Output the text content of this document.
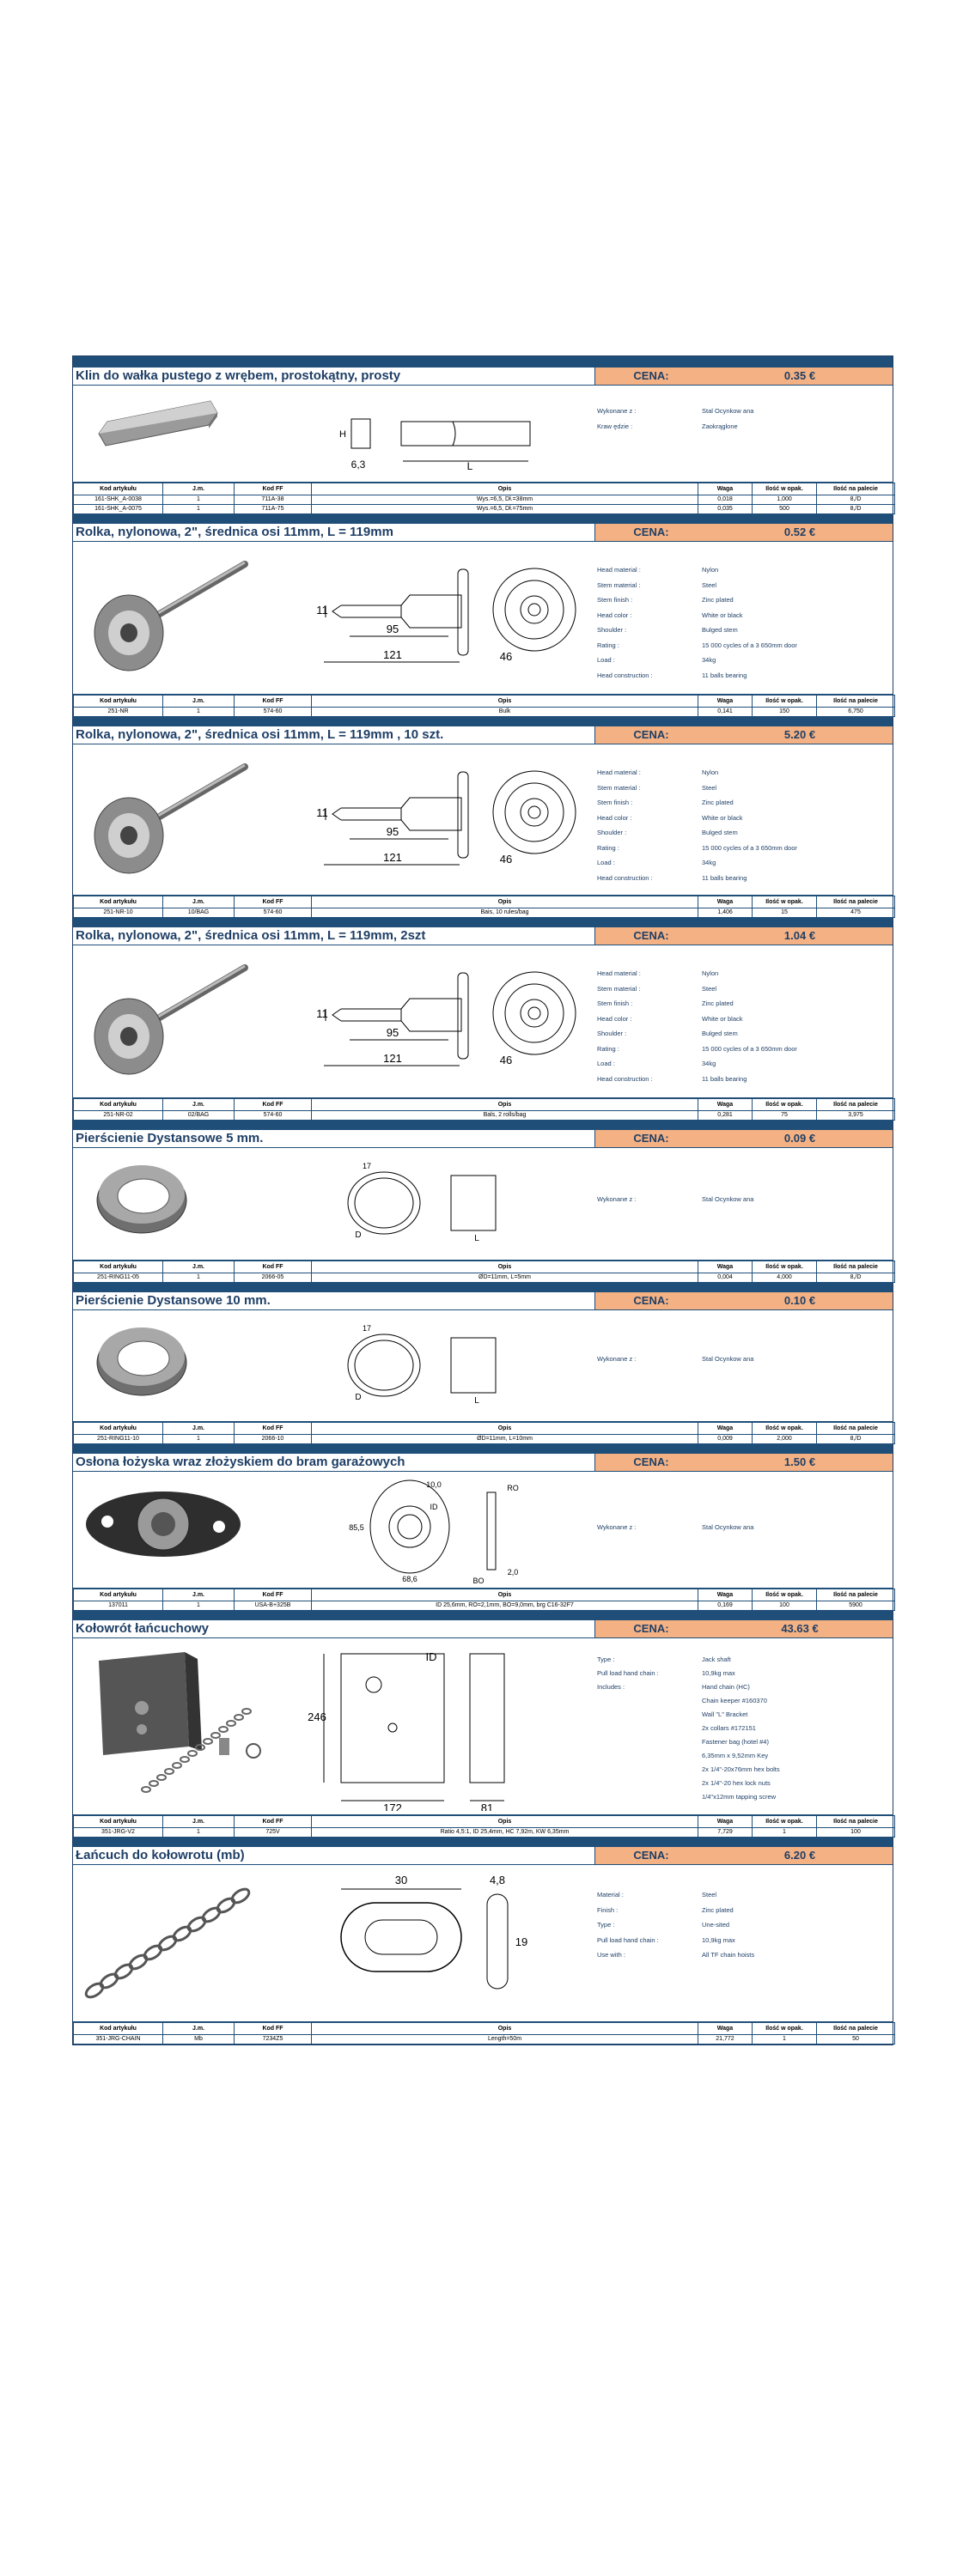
Klin do wałka pustego z wrębem, prostokątny, prosty	CENA:	0.35 €
H
6,3	L
Wykonane z :	Stal Ocynkow ana
Kraw ędzie :	Zaokrąglone
Kod artykułu	J.m.	Kod FF	Opis	Waga	Ilość w opak.	Ilość na palecie
161-SHK_A-0038	1	711A-38	Wys.=6,5, Dł.=38mm	0,018	1,000	8,/D
161-SHK_A-0075	1	711A-75	Wys.=6,5, Dł.=75mm	0,035	500	8,/D
Rolka, nylonowa, 2", średnica osi 11mm, L = 119mm	CENA:	0.52 €
11
95
121	46
Head material :	Nylon
Stem material :	Steel
Stem finish :	Zinc plated
Head color :	White or black
Shoulder :	Bulged stem
Rating :	15 000 cycles of a 3 650mm door
Load :	34kg
Head construction :	11 balls bearing
Kod artykułu	J.m.	Kod FF	Opis	Waga	Ilość w opak.	Ilość na palecie
251-NR	1	574-60	Bulk	0,141	150	6,750
Rolka, nylonowa, 2", średnica osi 11mm, L = 119mm , 10 szt.	CENA:	5.20 €
11
95
121	46
Head material :	Nylon
Stem material :	Steel
Stem finish :	Zinc plated
Head color :	White or black
Shoulder :	Bulged stem
Rating :	15 000 cycles of a 3 650mm door
Load :	34kg
Head construction :	11 balls bearing
Kod artykułu	J.m.	Kod FF	Opis	Waga	Ilość w opak.	Ilość na palecie
251-NR-10	10/BAG	574-60	Bais, 10 rules/bag	1,406	15	475
Rolka, nylonowa, 2", średnica osi 11mm, L = 119mm, 2szt	CENA:	1.04 €
11
95
121	46
Head material :	Nylon
Stem material :	Steel
Stem finish :	Zinc plated
Head color :	White or black
Shoulder :	Bulged stem
Rating :	15 000 cycles of a 3 650mm door
Load :	34kg
Head construction :	11 balls bearing
Kod artykułu	J.m.	Kod FF	Opis	Waga	Ilość w opak.	Ilość na palecie
251-NR-02	02/BAG	574-60	Bals, 2 rolls/bag	0,281	75	3,975
Pierścienie Dystansowe 5 mm.	CENA:	0.09 €
17
D	L
Wykonane z :	Stal Ocynkow ana
Kod artykułu	J.m.	Kod FF	Opis	Waga	Ilość w opak.	Ilość na palecie
251-RING11-05	1	2066-05	ØD=11mm, L=5mm	0,004	4,000	8,/D
Pierścienie Dystansowe 10 mm.	CENA:	0.10 €
17
D	L
Wykonane z :	Stal Ocynkow ana
Kod artykułu	J.m.	Kod FF	Opis	Waga	Ilość w opak.	Ilość na palecie
251-RING11-10	1	2066-10	ØD=11mm, L=10mm	0,009	2,000	8,/D
Osłona łożyska wraz złożyskiem do bram garażowych	CENA:	1.50 €
10,0
ID
RO
85,5
68,6	BO
2,0
Wykonane z :	Stal Ocynkow ana
Kod artykułu	J.m.	Kod FF	Opis	Waga	Ilość w opak.	Ilość na palecie
137011	1	USA-B+325B	ID 25,6mm, RO=2,1mm, BO=9,0mm, brg C16-32F7	0,169	100	5900
Kołowrót łańcuchowy	CENA:	43.63 €
246
172	81
ID	Type :	Jack shaft
Pull load hand chain :	10,9kg max
Includes :	Hand chain (HC)
Chain keeper #160370
Wall "L" Bracket
2x collars #172151
Fastener bag (hotel #4)
6,35mm x 9,52mm Key
2x 1/4"-20x76mm hex bolts
2x 1/4"-20 hex lock nuts
1/4"x12mm tapping screw
Kod artykułu	J.m.	Kod FF	Opis	Waga	Ilość w opak.	Ilość na palecie
351-JRG-V2	1	725V	Ratio 4,5:1, ID 25,4mm, HC 7,92m, KW 6,35mm	7,729	1	100
Łańcuch do kołowrotu (mb)	CENA:	6.20 €
30	4,8
19
Material :	Steel
Finish :	Zinc plated
Type :	Une-sited
Pull load hand chain :	10,9kg max
Use with :	All TF chain hoists
Kod artykułu	J.m.	Kod FF	Opis	Waga	Ilość w opak.	Ilość na palecie
351-JRG-CHAIN	Mb	7234Z5	Length=50m	21,772	1	50
